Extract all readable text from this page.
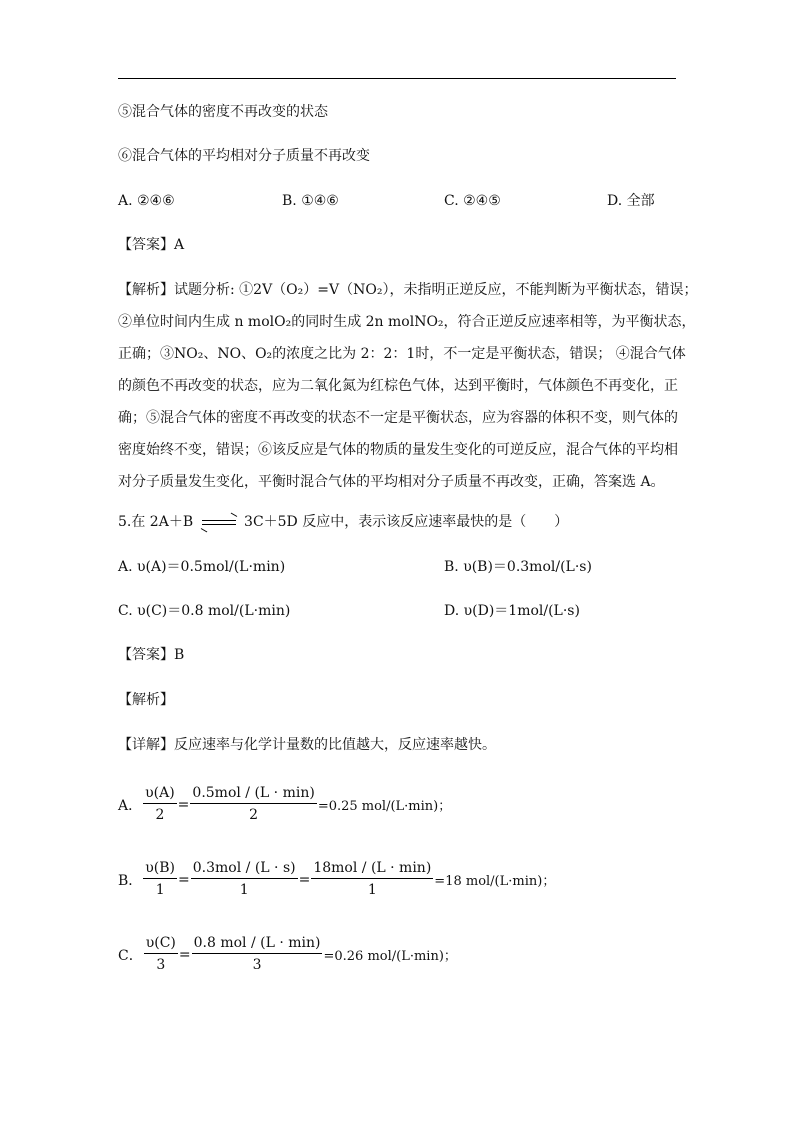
⑤混合气体的密度不再改变的状态
⑥混合气体的平均相对分子质量不再改变
A. ②④⑥	B. ①④⑥	C. ②④⑤	D. 全部
【答案】A
【解析】试题分析: ①2V（O₂）=V（NO₂），未指明正逆反应，不能判断为平衡状态，错误；
②单位时间内生成 n molO₂的同时生成 2n molNO₂，符合正逆反应速率相等，为平衡状态，
正确；③NO₂、NO、O₂的浓度之比为 2：2：1时，不一定是平衡状态，错误； ④混合气体
的颜色不再改变的状态，应为二氧化氮为红棕色气体，达到平衡时，气体颜色不再变化，正
确；⑤混合气体的密度不再改变的状态不一定是平衡状态，应为容器的体积不变，则气体的
密度始终不变，错误；⑥该反应是气体的物质的量发生变化的可逆反应，混合气体的平均相
对分子质量发生变化，平衡时混合气体的平均相对分子质量不再改变，正确，答案选 A。
5.在 2A＋B	3C＋5D 反应中，表示该反应速率最快的是（　　）
A. υ(A)＝0.5mol/(L·min)	B. υ(B)＝0.3mol/(L·s)
C. υ(C)＝0.8 mol/(L·min)	D. υ(D)＝1mol/(L·s)
【答案】B
【解析】
【详解】反应速率与化学计量数的比值越大，反应速率越快。
A． $\frac{\upsilon(A)}{2} = \frac{\text{0.5mol / (L · min)}}{2} =0.25$ mol/(L·min)；
B． $\frac{\upsilon(B)}{1} = \frac{\text{0.3mol / (L · s)}}{1} = \frac{\text{18mol / (L · min)}}{1} =18$ mol/(L·min)；
C． $\frac{\upsilon(C)}{3} = \frac{\text{0.8 mol / (L · min)}}{3} =0.26$ mol/(L·min)；
